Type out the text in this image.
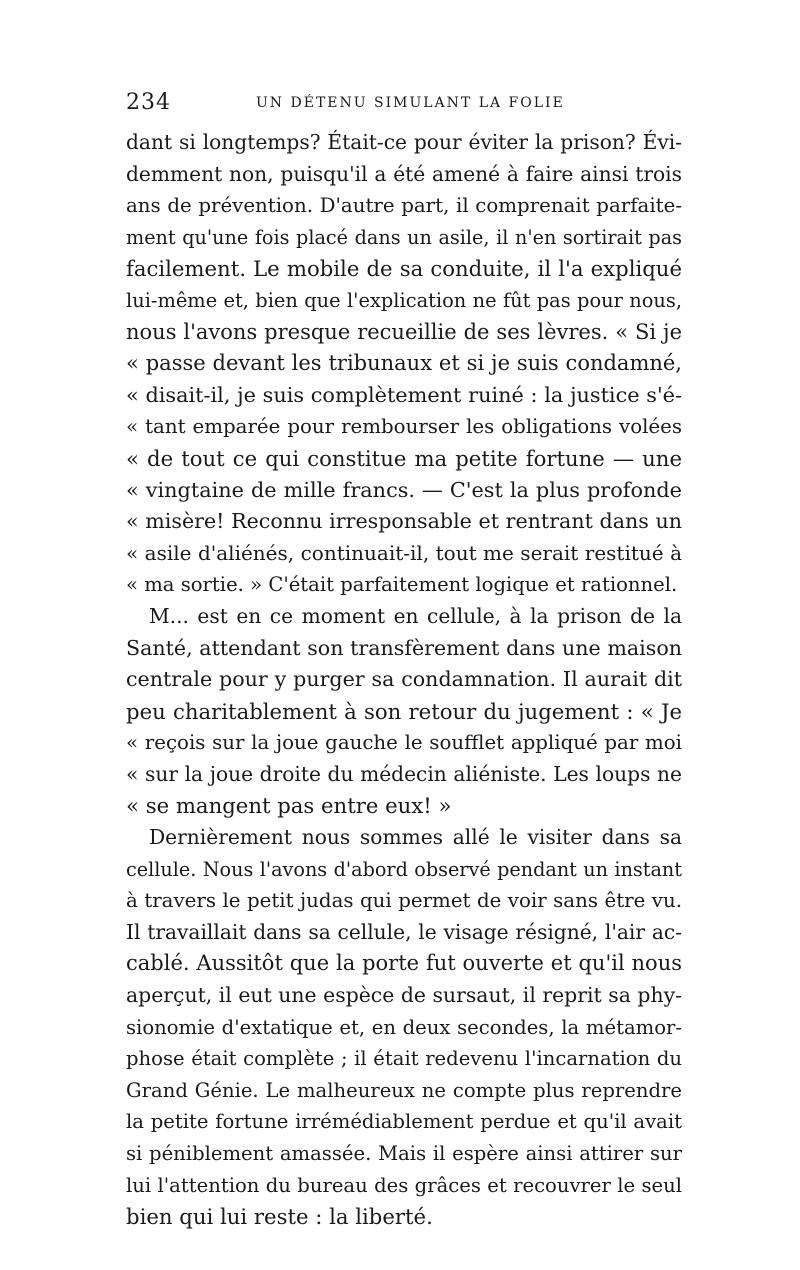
234	UN DÉTENU SIMULANT LA FOLIE
dant si longtemps? Était-ce pour éviter la prison? Évi-
demment non, puisqu'il a été amené à faire ainsi trois
ans de prévention. D'autre part, il comprenait parfaite-
ment qu'une fois placé dans un asile, il n'en sortirait pas
facilement. Le mobile de sa conduite, il l'a expliqué
lui-même et, bien que l'explication ne fût pas pour nous,
nous l'avons presque recueillie de ses lèvres. « Si je
« passe devant les tribunaux et si je suis condamné,
« disait-il, je suis complètement ruiné : la justice s'é-
« tant emparée pour rembourser les obligations volées
« de tout ce qui constitue ma petite fortune — une
« vingtaine de mille francs. — C'est la plus profonde
« misère! Reconnu irresponsable et rentrant dans un
« asile d'aliénés, continuait-il, tout me serait restitué à
« ma sortie. » C'était parfaitement logique et rationnel.
M... est en ce moment en cellule, à la prison de la
Santé, attendant son transfèrement dans une maison
centrale pour y purger sa condamnation. Il aurait dit
peu charitablement à son retour du jugement : « Je
« reçois sur la joue gauche le soufflet appliqué par moi
« sur la joue droite du médecin aliéniste. Les loups ne
« se mangent pas entre eux! »
Dernièrement nous sommes allé le visiter dans sa
cellule. Nous l'avons d'abord observé pendant un instant
à travers le petit judas qui permet de voir sans être vu.
Il travaillait dans sa cellule, le visage résigné, l'air ac-
cablé. Aussitôt que la porte fut ouverte et qu'il nous
aperçut, il eut une espèce de sursaut, il reprit sa phy-
sionomie d'extatique et, en deux secondes, la métamor-
phose était complète ; il était redevenu l'incarnation du
Grand Génie. Le malheureux ne compte plus reprendre
la petite fortune irrémédiablement perdue et qu'il avait
si péniblement amassée. Mais il espère ainsi attirer sur
lui l'attention du bureau des grâces et recouvrer le seul
bien qui lui reste : la liberté.
